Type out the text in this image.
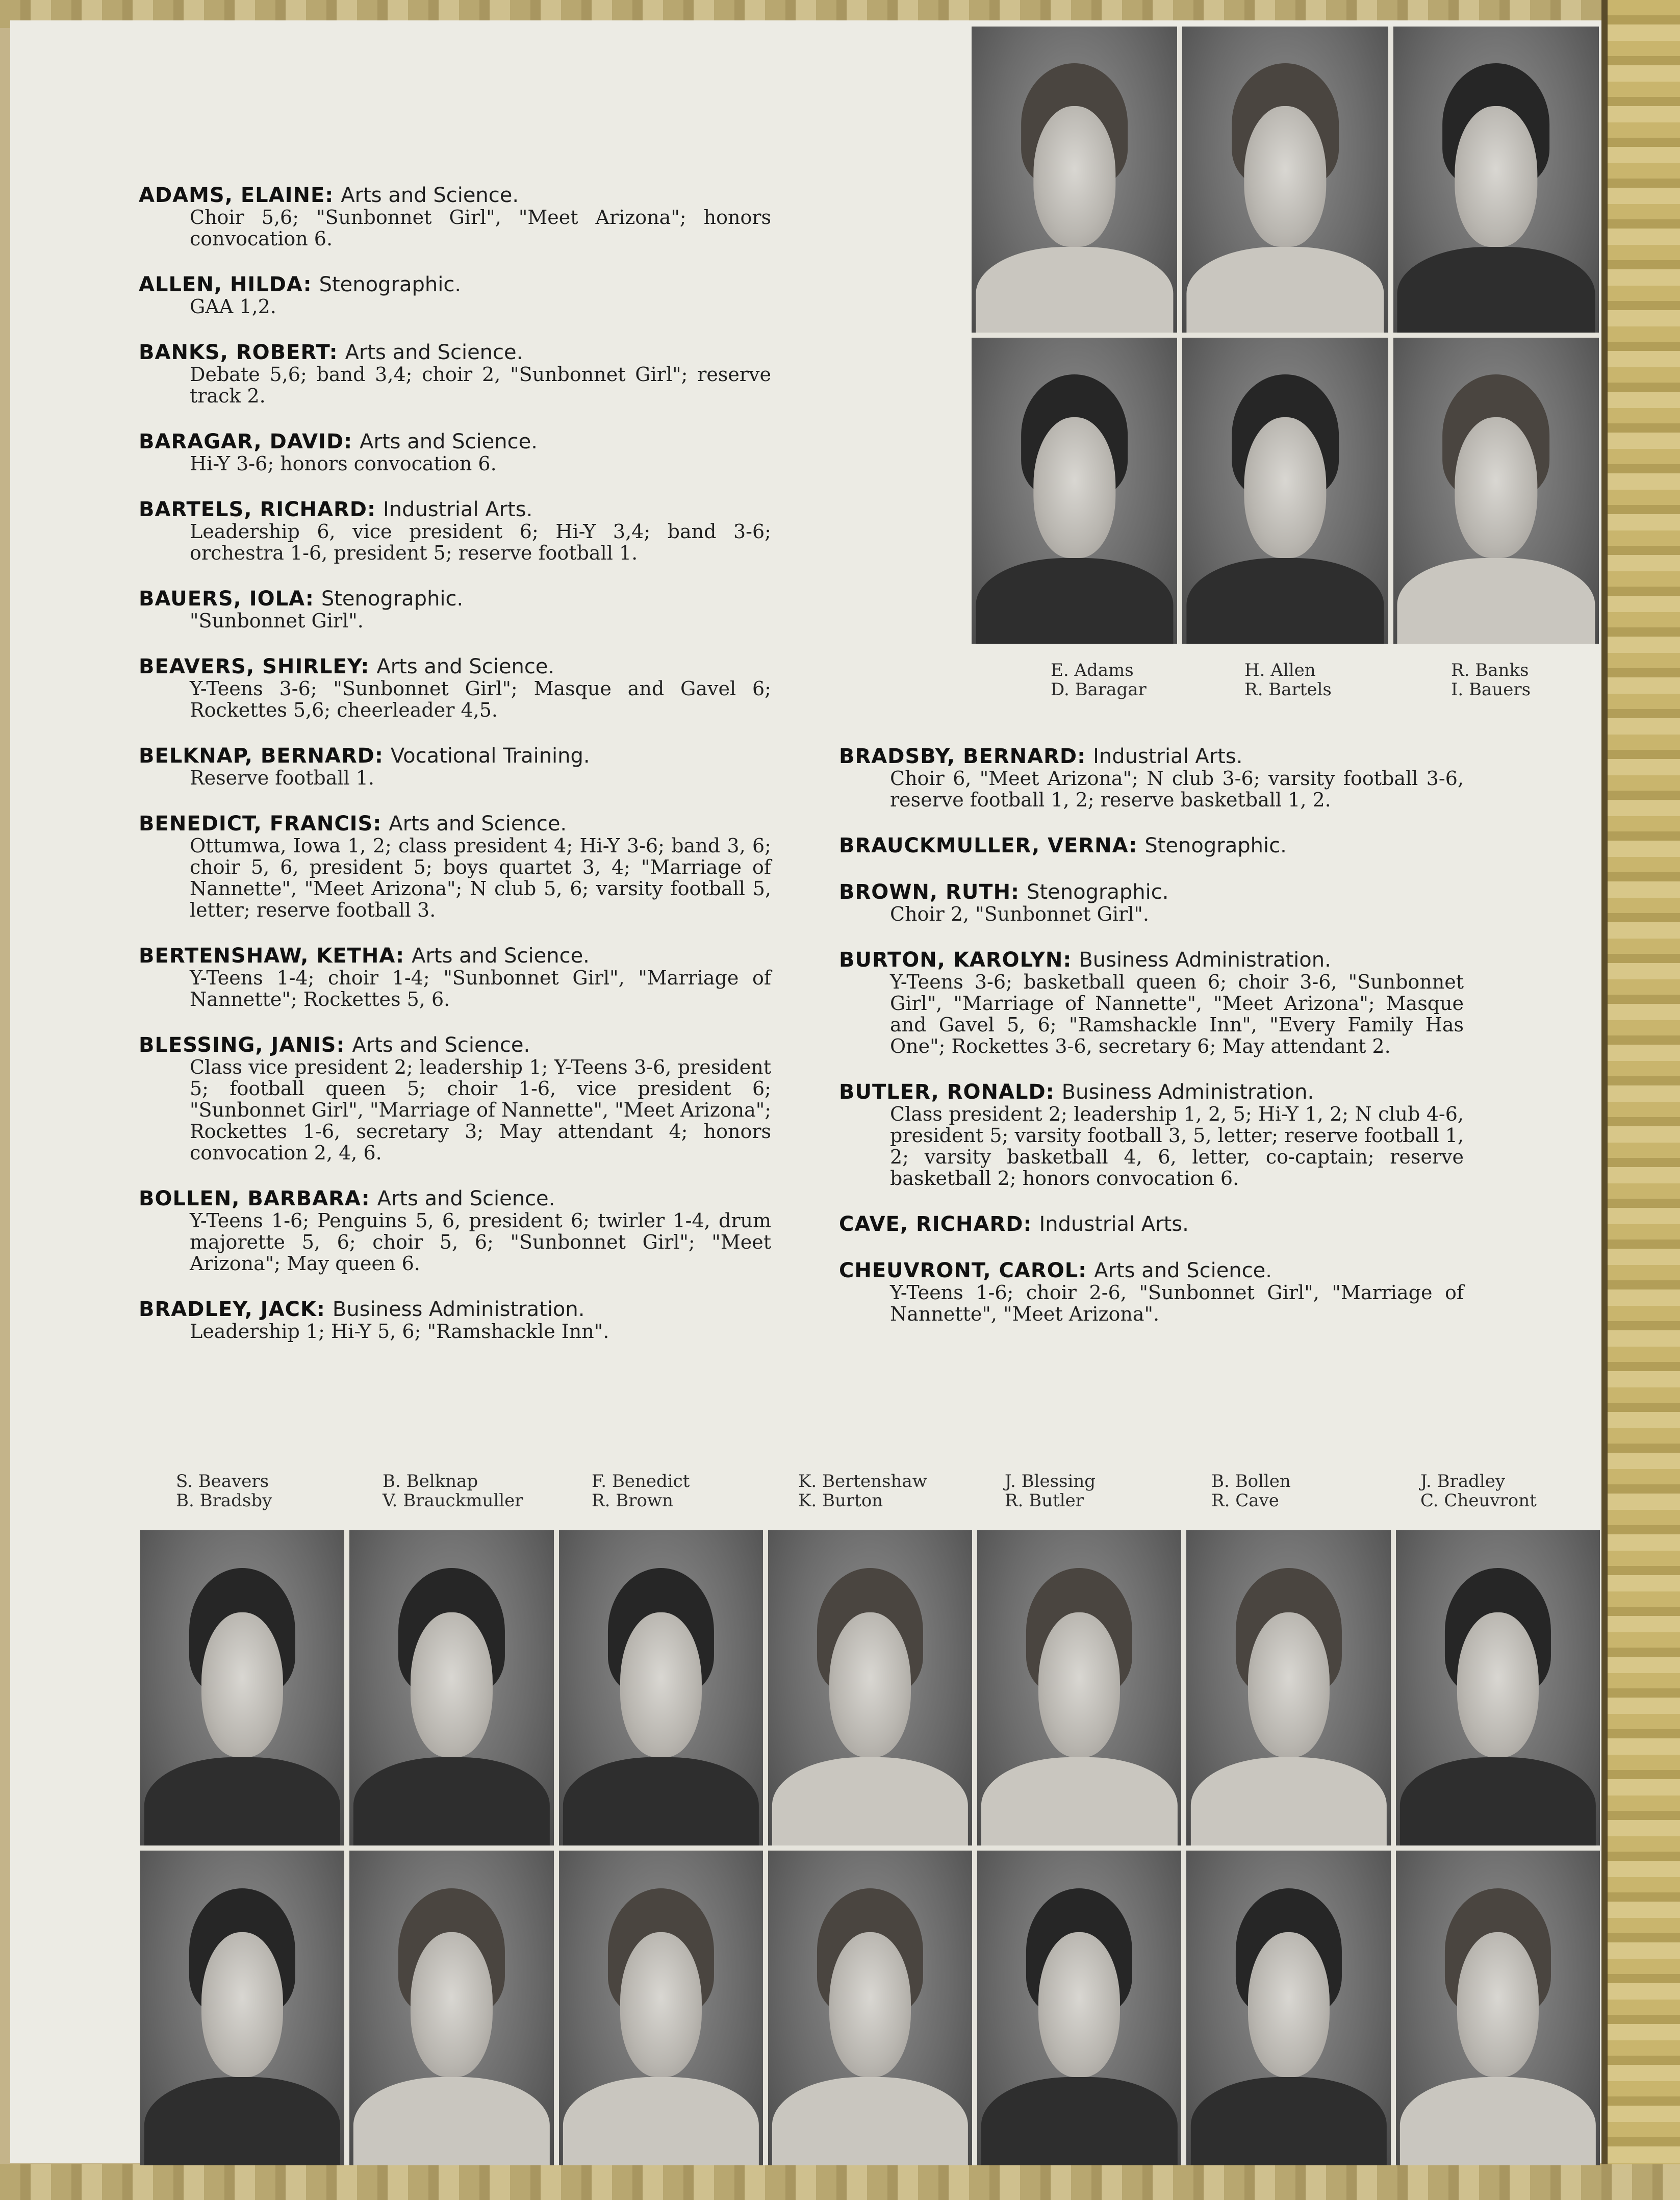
ADAMS, ELAINE: Arts and Science.
Choir 5,6; "Sunbonnet Girl", "Meet Arizona"; honors convocation 6.
ALLEN, HILDA: Stenographic.
GAA 1,2.
BANKS, ROBERT: Arts and Science.
Debate 5,6; band 3,4; choir 2, "Sunbonnet Girl"; reserve track 2.
BARAGAR, DAVID: Arts and Science.
Hi-Y 3-6; honors convocation 6.
BARTELS, RICHARD: Industrial Arts.
Leadership 6, vice president 6; Hi-Y 3,4; band 3-6; orchestra 1-6, president 5; reserve football 1.
BAUERS, IOLA: Stenographic.
"Sunbonnet Girl".
BEAVERS, SHIRLEY: Arts and Science.
Y-Teens 3-6; "Sunbonnet Girl"; Masque and Gavel 6; Rockettes 5,6; cheerleader 4,5.
BELKNAP, BERNARD: Vocational Training.
Reserve football 1.
BENEDICT, FRANCIS: Arts and Science.
Ottumwa, Iowa 1, 2; class president 4; Hi-Y 3-6; band 3, 6; choir 5, 6, president 5; boys quartet 3, 4; "Marriage of Nannette", "Meet Arizona"; N club 5, 6; varsity football 5, letter; reserve football 3.
BERTENSHAW, KETHA: Arts and Science.
Y-Teens 1-4; choir 1-4; "Sunbonnet Girl", "Marriage of Nannette"; Rockettes 5, 6.
BLESSING, JANIS: Arts and Science.
Class vice president 2; leadership 1; Y-Teens 3-6, president 5; football queen 5; choir 1-6, vice president 6; "Sunbonnet Girl", "Marriage of Nannette", "Meet Arizona"; Rockettes 1-6, secretary 3; May attendant 4; honors convocation 2, 4, 6.
BOLLEN, BARBARA: Arts and Science.
Y-Teens 1-6; Penguins 5, 6, president 6; twirler 1-4, drum majorette 5, 6; choir 5, 6; "Sunbonnet Girl"; "Meet Arizona"; May queen 6.
BRADLEY, JACK: Business Administration.
Leadership 1; Hi-Y 5, 6; "Ramshackle Inn".
BRADSBY, BERNARD: Industrial Arts.
Choir 6, "Meet Arizona"; N club 3-6; varsity football 3-6, reserve football 1, 2; reserve basketball 1, 2.
BRAUCKMULLER, VERNA: Stenographic.
BROWN, RUTH: Stenographic.
Choir 2, "Sunbonnet Girl".
BURTON, KAROLYN: Business Administration.
Y-Teens 3-6; basketball queen 6; choir 3-6, "Sunbonnet Girl", "Marriage of Nannette", "Meet Arizona"; Masque and Gavel 5, 6; "Ramshackle Inn", "Every Family Has One"; Rockettes 3-6, secretary 6; May attendant 2.
BUTLER, RONALD: Business Administration.
Class president 2; leadership 1, 2, 5; Hi-Y 1, 2; N club 4-6, president 5; varsity football 3, 5, letter; reserve football 1, 2; varsity basketball 4, 6, letter, co-captain; reserve basketball 2; honors convocation 6.
CAVE, RICHARD: Industrial Arts.
CHEUVRONT, CAROL: Arts and Science.
Y-Teens 1-6; choir 2-6, "Sunbonnet Girl", "Marriage of Nannette", "Meet Arizona".
E. Adams
D. Baragar
H. Allen
R. Bartels
R. Banks
I. Bauers
S. Beavers
B. Bradsby
B. Belknap
V. Brauckmuller
F. Benedict
R. Brown
K. Bertenshaw
K. Burton
J. Blessing
R. Butler
B. Bollen
R. Cave
J. Bradley
C. Cheuvront
